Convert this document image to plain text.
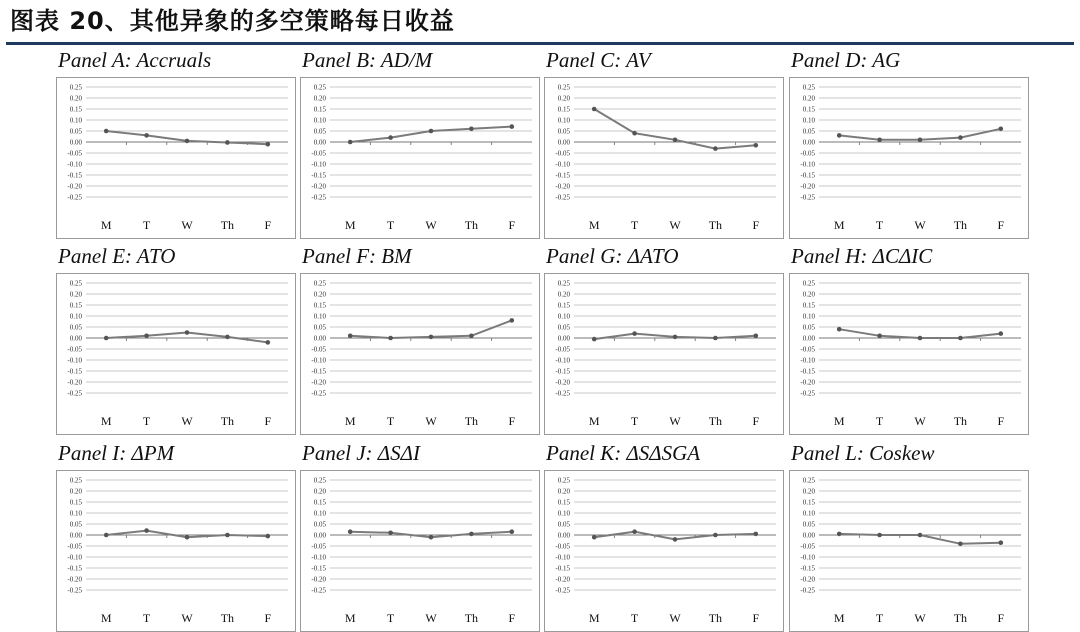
图表 20、其他异象的多空策略每日收益
Panel A: Accruals
0.25
0.20
0.15
0.10
0.05
0.00
-0.05
-0.10
-0.15
-0.20
-0.25
M	T	W Th	F
Panel B: AD/M
0.25
0.20
0.15
0.10
0.05
0.00
-0.05
-0.10
-0.15
-0.20
-0.25
M	T	W Th	F
Panel C: AV
0.25
0.20
0.15
0.10
0.05
0.00
-0.05
-0.10
-0.15
-0.20
-0.25
M	T	W Th	F
Panel D: AG
0.25
0.20
0.15
0.10
0.05
0.00
-0.05
-0.10
-0.15
-0.20
-0.25
M	T	W Th	F
Panel E: ATO
0.25
0.20
0.15
0.10
0.05
0.00
-0.05
-0.10
-0.15
-0.20
-0.25
M	T	W Th	F
Panel F: BM
0.25
0.20
0.15
0.10
0.05
0.00
-0.05
-0.10
-0.15
-0.20
-0.25
M	T	W Th	F
Panel G: ΔATO
0.25
0.20
0.15
0.10
0.05
0.00
-0.05
-0.10
-0.15
-0.20
-0.25
M	T	W Th	F
Panel H: ΔCΔIC
0.25
0.20
0.15
0.10
0.05
0.00
-0.05
-0.10
-0.15
-0.20
-0.25
M	T	W Th	F
Panel I: ΔPM
0.25
0.20
0.15
0.10
0.05
0.00
-0.05
-0.10
-0.15
-0.20
-0.25
M	T	W Th	F
Panel J: ΔSΔI
0.25
0.20
0.15
0.10
0.05
0.00
-0.05
-0.10
-0.15
-0.20
-0.25
M	T	W Th	F
Panel K: ΔSΔSGA
0.25
0.20
0.15
0.10
0.05
0.00
-0.05
-0.10
-0.15
-0.20
-0.25
M	T	W Th	F
Panel L: Coskew
0.25
0.20
0.15
0.10
0.05
0.00
-0.05
-0.10
-0.15
-0.20
-0.25
M	T	W Th	F
